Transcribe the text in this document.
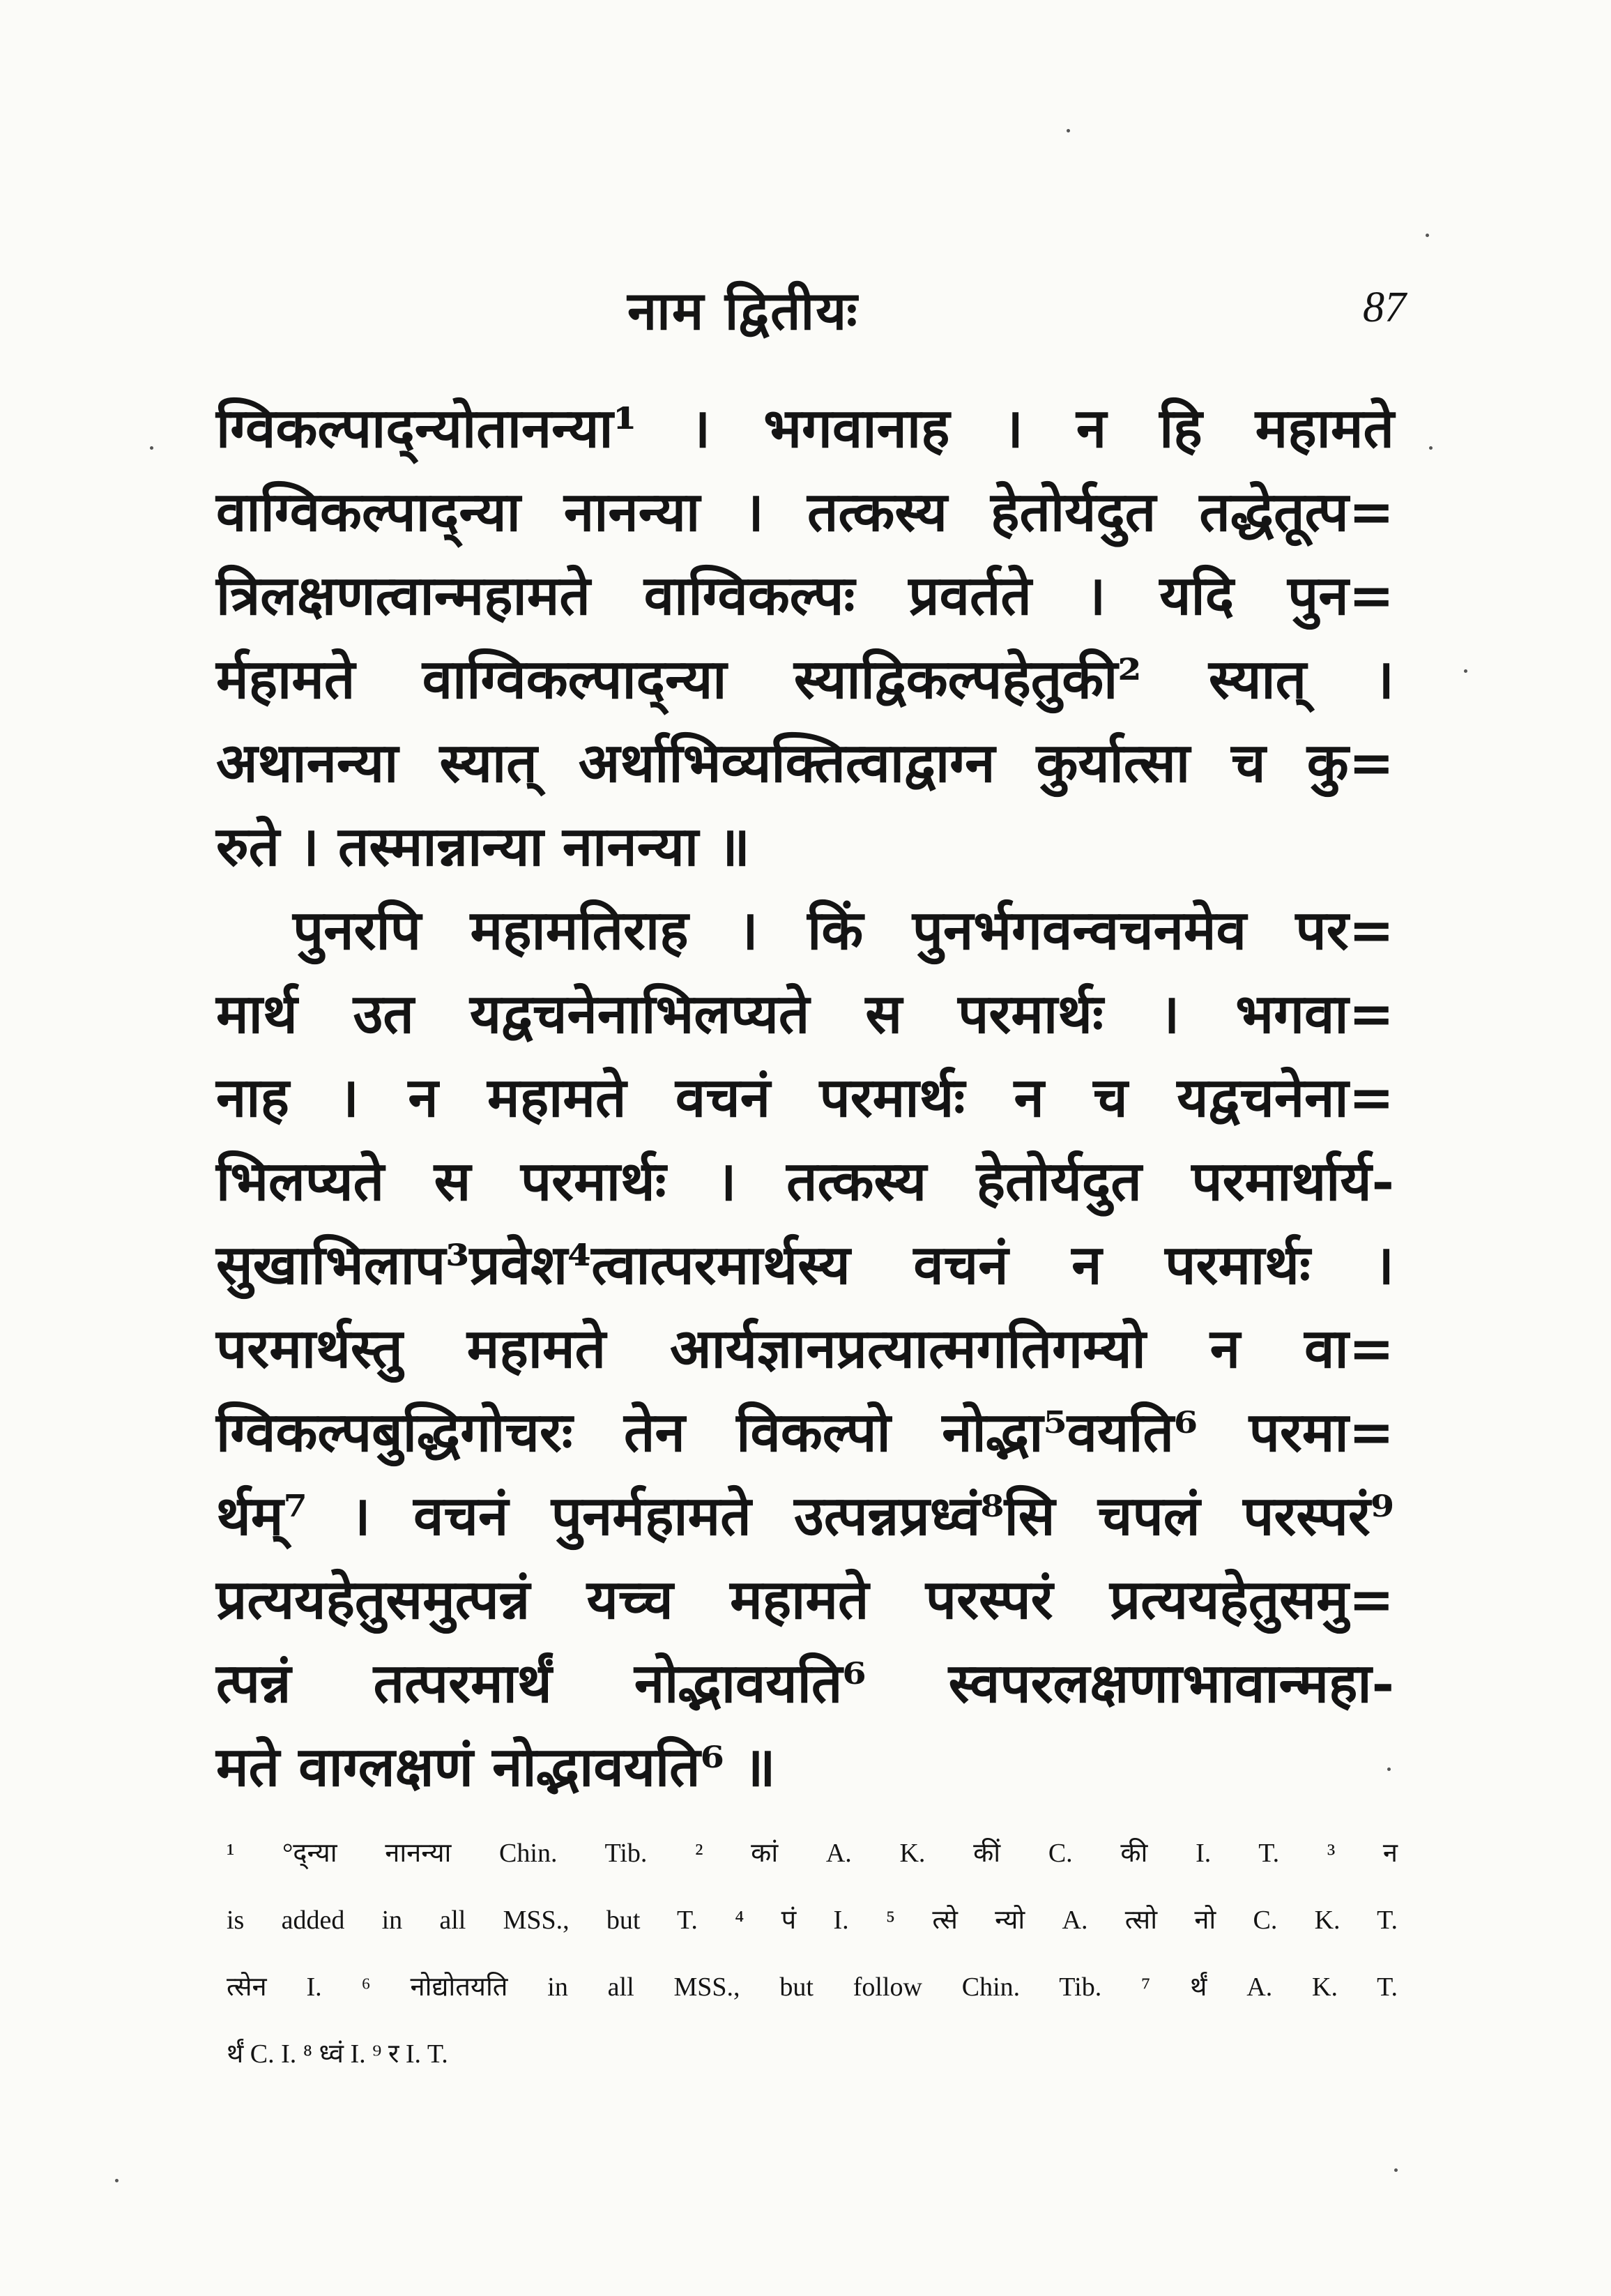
नाम द्वितीयः	87
ग्विकल्पाद्न्योतानन्या¹ । भगवानाह । न हि महामते
वाग्विकल्पाद्न्या नानन्या । तत्कस्य हेतोर्यदुत तद्धेतूत्प=
त्रिलक्षणत्वान्महामते वाग्विकल्पः प्रवर्तते । यदि पुन=
र्महामते वाग्विकल्पाद्न्या स्याद्विकल्पहेतुकी² स्यात् ।
अथानन्या स्यात् अर्थाभिव्यक्तित्वाद्वाग्न कुर्यात्सा च कु=
रुते । तस्मान्नान्या नानन्या ॥
पुनरपि महामतिराह । किं पुनर्भगवन्वचनमेव पर=
मार्थ उत यद्वचनेनाभिलप्यते स परमार्थः । भगवा=
नाह । न महामते वचनं परमार्थः न च यद्वचनेना=
भिलप्यते स परमार्थः । तत्कस्य हेतोर्यदुत परमार्थार्य-
सुखाभिलाप³प्रवेश⁴त्वात्परमार्थस्य वचनं न परमार्थः ।
परमार्थस्तु महामते आर्यज्ञानप्रत्यात्मगतिगम्यो न वा=
ग्विकल्पबुद्धिगोचरः तेन विकल्पो नोद्भा⁵वयति⁶ परमा=
र्थम्⁷ । वचनं पुनर्महामते उत्पन्नप्रध्वं⁸सि चपलं परस्परं⁹
प्रत्ययहेतुसमुत्पन्नं यच्च महामते परस्परं प्रत्ययहेतुसमु=
त्पन्नं तत्परमार्थं नोद्भावयति⁶ स्वपरलक्षणाभावान्महा-
मते वाग्लक्षणं नोद्भावयति⁶ ॥
¹ °द्न्या नानन्या Chin. Tib. ² कां A. K. कीं C. की I. T. ³ न
is added in all MSS., but T. ⁴ पं I. ⁵ त्से न्यो A. त्सो नो C. K. T.
त्सेन I. ⁶ नोद्योतयति in all MSS., but follow Chin. Tib. ⁷ र्थं A. K. T.
र्थं C. I. ⁸ ध्वं I. ⁹ र I. T.
